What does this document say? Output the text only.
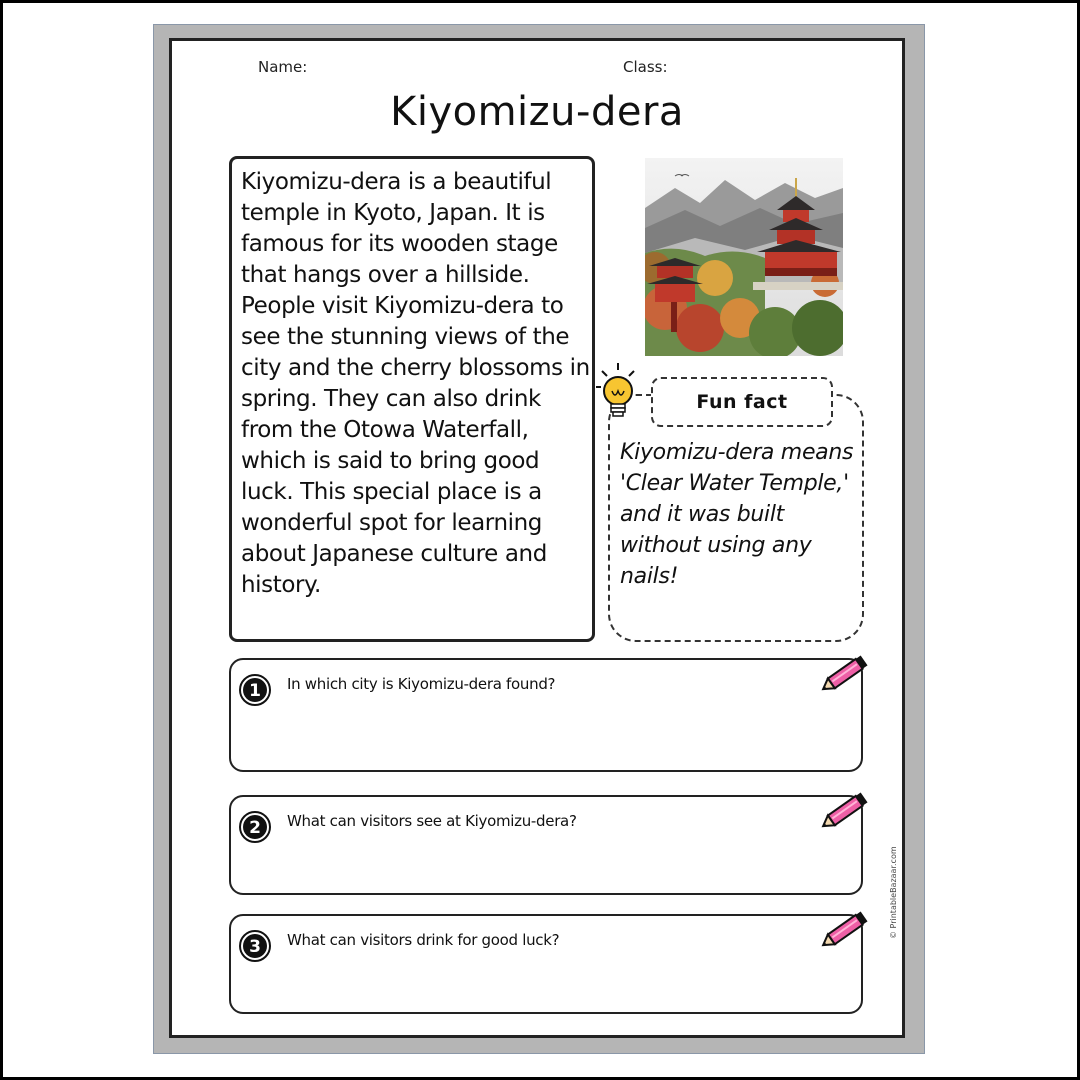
Name:	Class:
Kiyomizu-dera
Kiyomizu-dera is a beautiful temple in Kyoto, Japan. It is famous for its wooden stage that hangs over a hillside. People visit Kiyomizu-dera to see the stunning views of the city and the cherry blossoms in spring. They can also drink from the Otowa Waterfall, which is said to bring good luck. This special place is a wonderful spot for learning about Japanese culture and history.
Fun fact
Kiyomizu-dera means 'Clear Water Temple,' and it was built without using any nails!
1 In which city is Kiyomizu-dera found?
2 What can visitors see at Kiyomizu-dera?
3 What can visitors drink for good luck?
© PrintableBazaar.com
